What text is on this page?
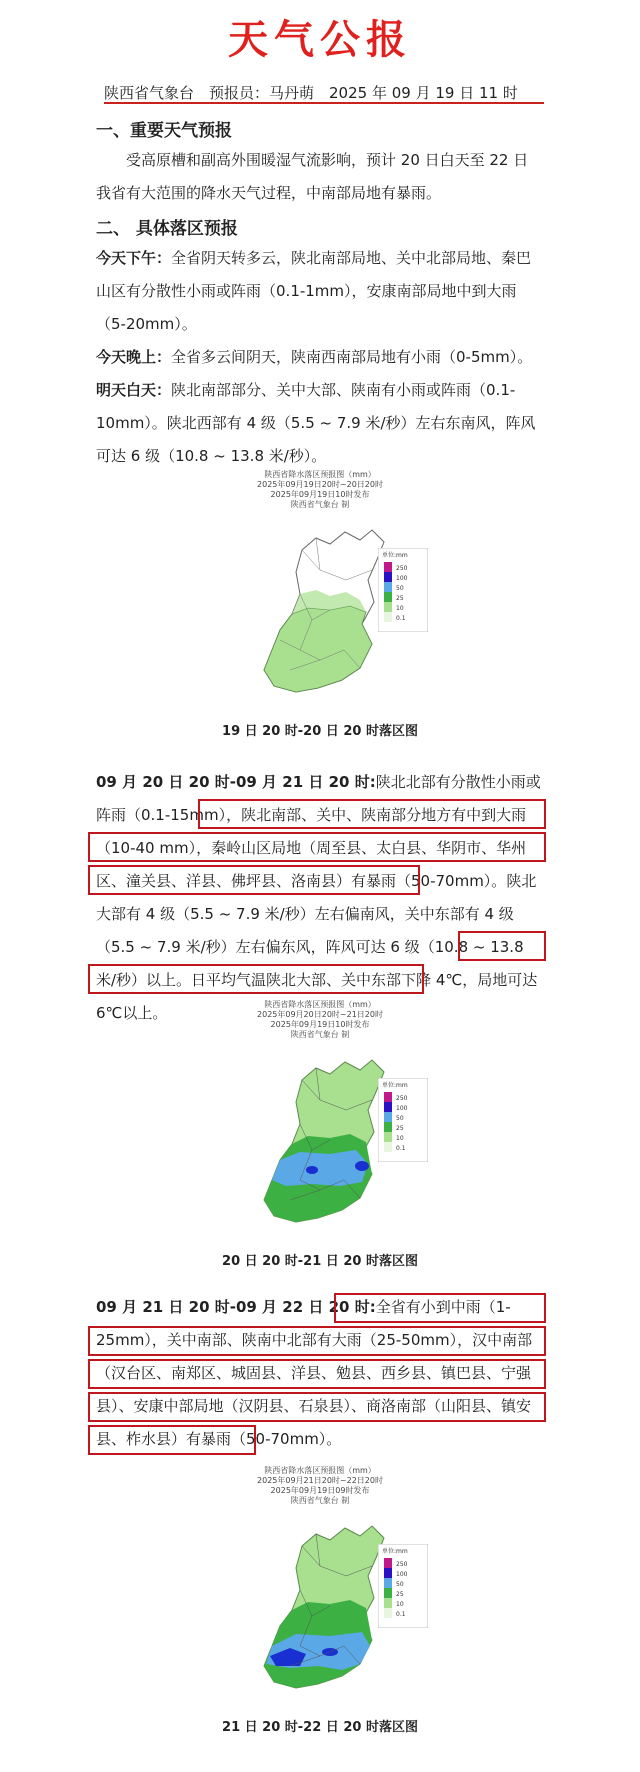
天气公报
陕西省气象台　预报员：马丹萌　2025 年 09 月 19 日 11 时
一、重要天气预报
受高原槽和副高外围暖湿气流影响，预计 20 日白天至 22 日我省有大范围的降水天气过程，中南部局地有暴雨。
二、 具体落区预报
今天下午：全省阴天转多云，陕北南部局地、关中北部局地、秦巴山区有分散性小雨或阵雨（0.1-1mm），安康南部局地中到大雨（5-20mm）。
今天晚上：全省多云间阴天，陕南西南部局地有小雨（0-5mm）。
明天白天：陕北南部部分、关中大部、陕南有小雨或阵雨（0.1-10mm）。陕北西部有 4 级（5.5 ~ 7.9 米/秒）左右东南风，阵风可达 6 级（10.8 ~ 13.8 米/秒）。
陕西省降水落区预报图（mm）
2025年09月19日20时~20日20时
2025年09月19日10时发布
陕西省气象台 制
19 日 20 时-20 日 20 时落区图
09 月 20 日 20 时-09 月 21 日 20 时:陕北北部有分散性小雨或阵雨（0.1-15mm），陕北南部、关中、陕南部分地方有中到大雨（10-40 mm），秦岭山区局地（周至县、太白县、华阴市、华州区、潼关县、洋县、佛坪县、洛南县）有暴雨（50-70mm）。陕北大部有 4 级（5.5 ~ 7.9 米/秒）左右偏南风，关中东部有 4 级（5.5 ~ 7.9 米/秒）左右偏东风，阵风可达 6 级（10.8 ~ 13.8 米/秒）以上。日平均气温陕北大部、关中东部下降 4℃，局地可达 6℃以上。	陕西省降水落区预报图（mm）
2025年09月20日20时~21日20时
2025年09月19日10时发布
陕西省气象台 制
20 日 20 时-21 日 20 时落区图
09 月 21 日 20 时-09 月 22 日 20 时:全省有小到中雨（1-25mm），关中南部、陕南中北部有大雨（25-50mm），汉中南部（汉台区、南郑区、城固县、洋县、勉县、西乡县、镇巴县、宁强县）、安康中部局地（汉阴县、石泉县）、商洛南部（山阳县、镇安县、柞水县）有暴雨（50-70mm）。
陕西省降水落区预报图（mm）
2025年09月21日20时~22日20时
2025年09月19日09时发布
陕西省气象台 制
21 日 20 时-22 日 20 时落区图
单位:mm
250
100
50
25
10
0.1
单位:mm
250
100
50
25
10
0.1
单位:mm
250
100
50
25
10
0.1
